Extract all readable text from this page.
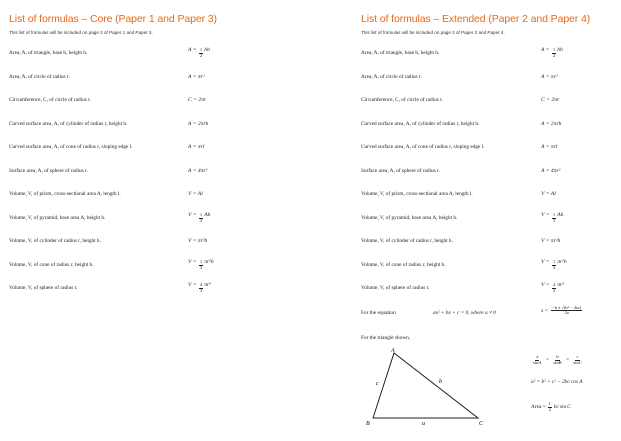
List of formulas – Core (Paper 1 and Paper 3)
This list of formulas will be included on page 2 of Paper 1 and Paper 3.
Area, A, of triangle, base b, height h.	$A = \frac{1}{2}$ bh
Area, A, of circle of radius r.	A = πr²
Circumference, C, of circle of radius r.	C = 2πr
Curved surface area, A, of cylinder of radius r, height h.	A = 2πrh
Curved surface area, A, of cone of radius r, sloping edge l.	A = πrl
Surface area, A, of sphere of radius r.	A = 4πr²
Volume, V, of prism, cross-sectional area A, length l.	V = Al
Volume, V, of pyramid, base area A, height h.	$V = \frac{1}{3}$ Ah
Volume, V, of cylinder of radius r, height h.	V = πr²h
Volume, V, of cone of radius r, height h.	$V = \frac{1}{3} \pi r^2h$
Volume, V, of sphere of radius r.	$V = \frac{4}{3} \pi r^3$
List of formulas – Extended (Paper 2 and Paper 4)
This list of formulas will be included on page 2 of Paper 2 and Paper 4.
Area, A, of triangle, base b, height h.	$A = \frac{1}{2}$ bh
Area, A, of circle of radius r.	A = πr²
Circumference, C, of circle of radius r.	C = 2πr
Curved surface area, A, of cylinder of radius r, height h.	A = 2πrh
Curved surface area, A, of cone of radius r, sloping edge l.	A = πrl
Surface area, A, of sphere of radius r.	A = 4πr²
Volume, V, of prism, cross-sectional area A, length l.	V = Al
Volume, V, of pyramid, base area A, height h.	$V = \frac{1}{3}$ Ah
Volume, V, of cylinder of radius r, height h.	V = πr²h
Volume, V, of cone of radius r, height h.	$V = \frac{1}{3} \pi r^2h$
Volume, V, of sphere of radius r.	$V = \frac{4}{3} \pi r^3$
For the equation	ax² + bx + c = 0, where a ≠ 0	$x = \frac{\text{−b ± √(b² − 4ac)}}{2a}$
For the triangle shown,
A
B	C
a
b
c
$\frac{a}{\sin A} = \frac{b}{\sin B} = \frac{c}{\sin C}$
a² = b² + c² − 2bc cos A
Area = $\frac{1}{2}$ bc sin C
